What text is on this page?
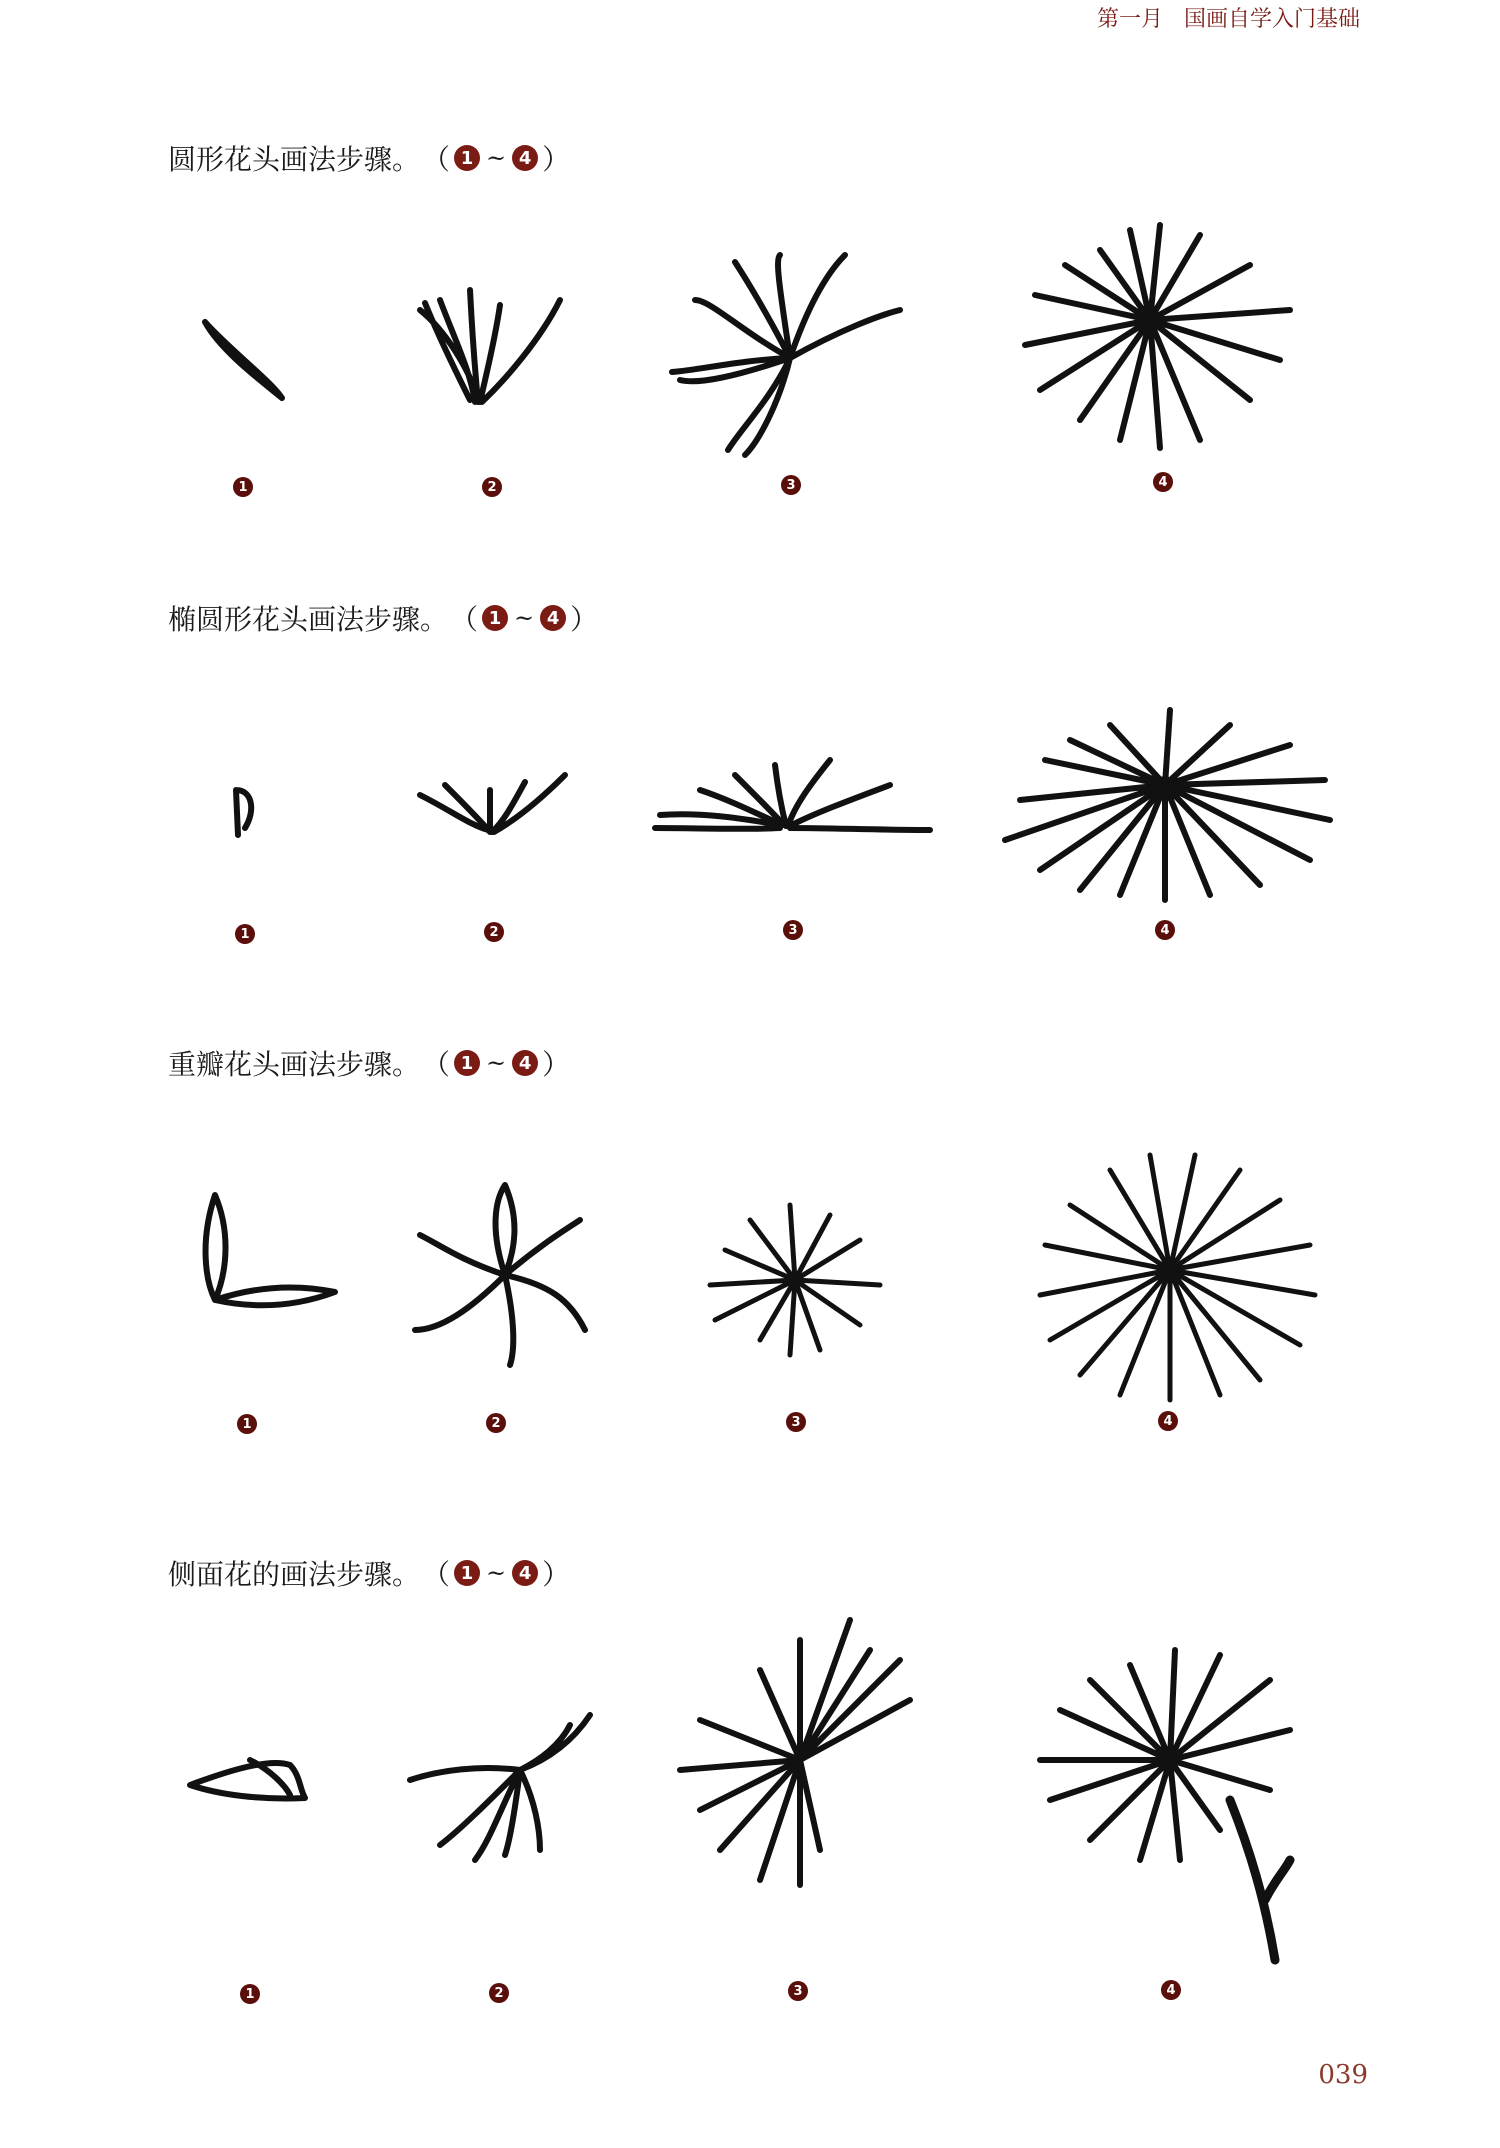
第一月 国画自学入门基础
圆形花头画法步骤。 （ 1 ~ 4 ）
1	2	3	4
椭圆形花头画法步骤。 （ 1 ~ 4 ）
1	2	3	4
重瓣花头画法步骤。 （ 1 ~ 4 ）
1	2	3	4
侧面花的画法步骤。 （ 1 ~ 4 ）
1	2	3	4
039
